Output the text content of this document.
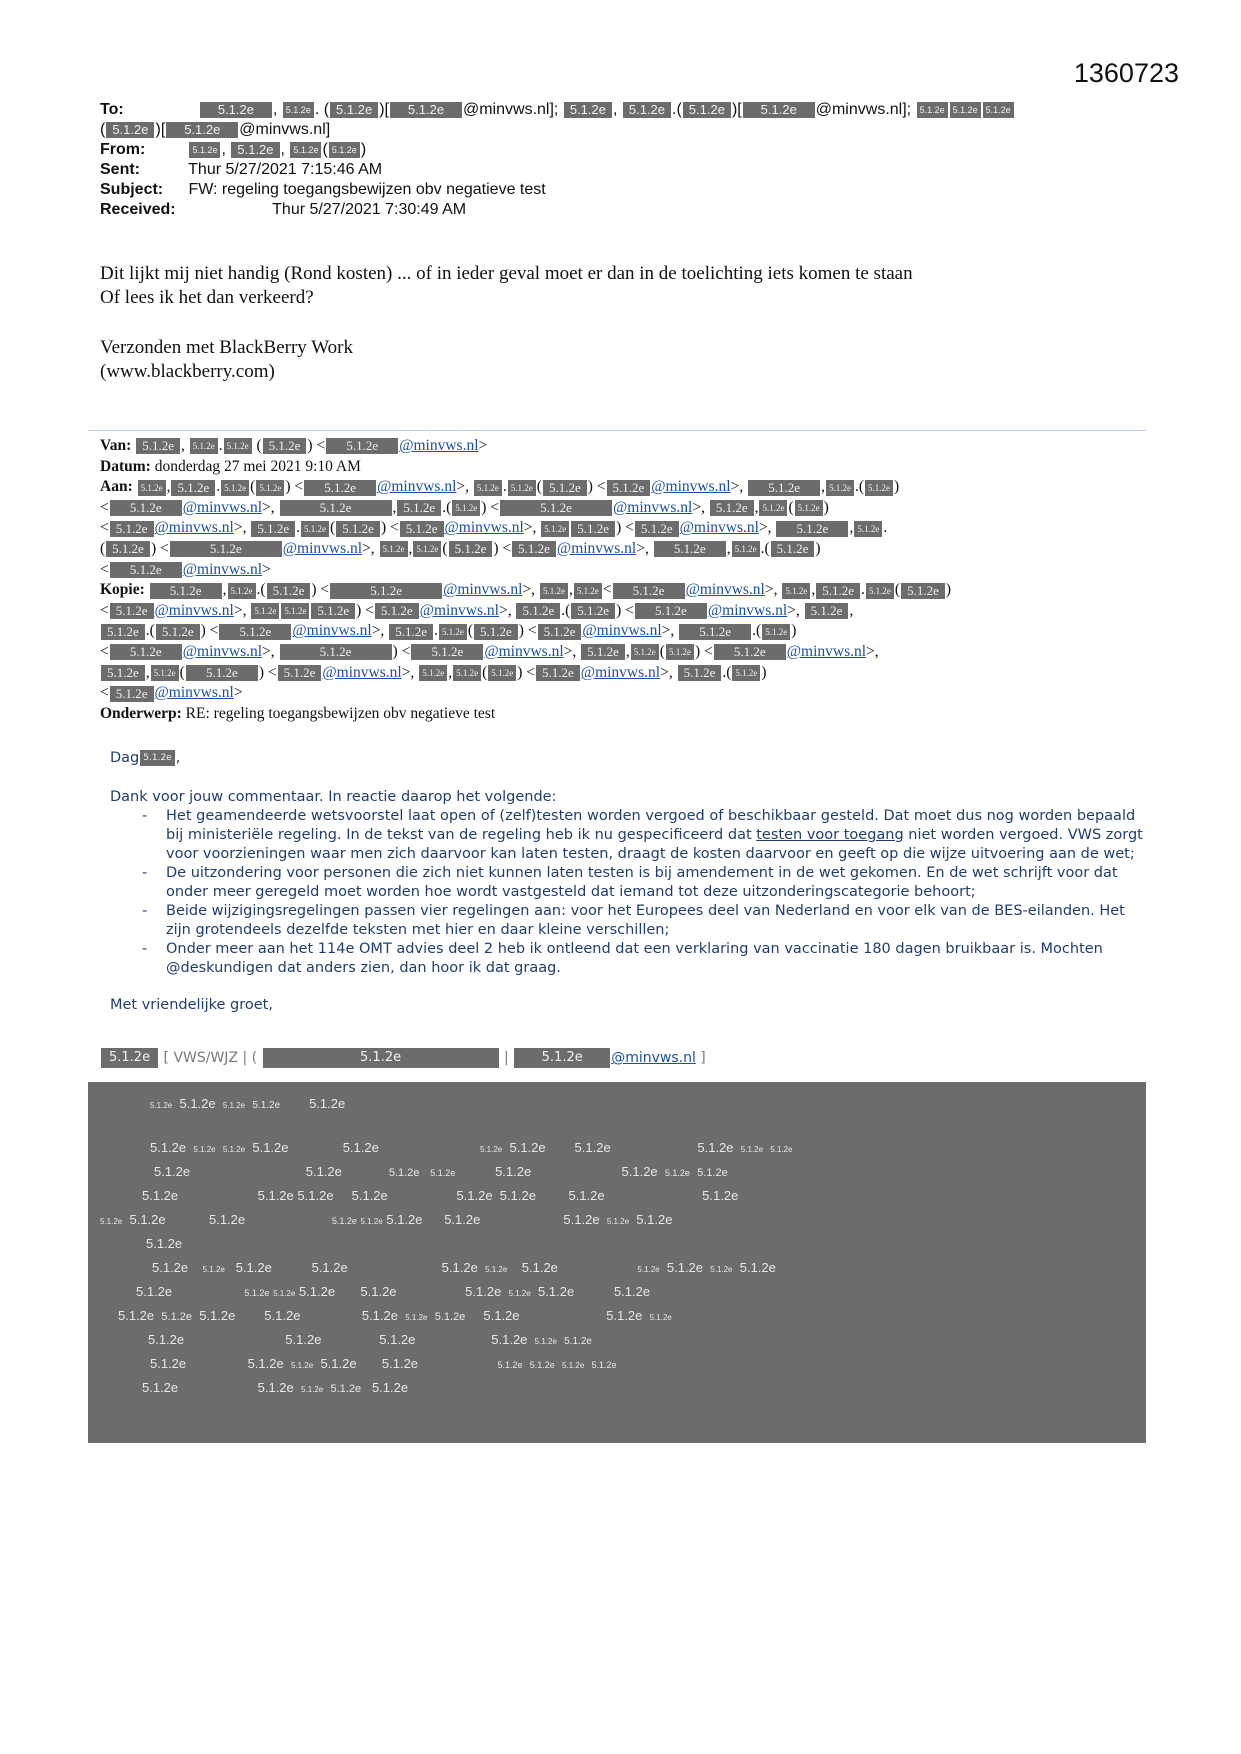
1360723
To:	5.1.2e , 5.1.2e . ( 5.1.2e )[ 5.1.2e @minvws.nl]; 5.1.2e , 5.1.2e .( 5.1.2e )[ 5.1.2e @minvws.nl]; 5.1.2e 5.1.2e 5.1.2e
( 5.1.2e )[ 5.1.2e @minvws.nl]
From:	5.1.2e , 5.1.2e , 5.1.2e ( 5.1.2e )
Sent:	Thur 5/27/2021 7:15:46 AM
Subject: FW: regeling toegangsbewijzen obv negatieve test
Received:	Thur 5/27/2021 7:30:49 AM
Dit lijkt mij niet handig (Rond kosten) ... of in ieder geval moet er dan in de toelichting iets komen te staan
Of lees ik het dan verkeerd?
Verzonden met BlackBerry Work
(www.blackberry.com)
Van: 5.1.2e , 5.1.2e . 5.1.2e ( 5.1.2e ) < 5.1.2e @minvws.nl>
Datum: donderdag 27 mei 2021 9:10 AM
Aan: 5.1.2e , 5.1.2e . 5.1.2e ( 5.1.2e ) < 5.1.2e @minvws.nl>, 5.1.2e . 5.1.2e ( 5.1.2e ) < 5.1.2e @minvws.nl>, 5.1.2e , 5.1.2e .( 5.1.2e )
< 5.1.2e @minvws.nl>,	5.1.2e	, 5.1.2e .( 5.1.2e ) <	5.1.2e	@minvws.nl>, 5.1.2e , 5.1.2e ( 5.1.2e )
< 5.1.2e @minvws.nl>, 5.1.2e . 5.1.2e ( 5.1.2e ) < 5.1.2e @minvws.nl>, 5.1.2e 5.1.2e ) < 5.1.2e @minvws.nl>, 5.1.2e , 5.1.2e .
( 5.1.2e ) <	5.1.2e	@minvws.nl>, 5.1.2e , 5.1.2e ( 5.1.2e ) < 5.1.2e @minvws.nl>, 5.1.2e , 5.1.2e .( 5.1.2e )
< 5.1.2e @minvws.nl>
Kopie: 5.1.2e , 5.1.2e .( 5.1.2e ) <	5.1.2e	@minvws.nl>, 5.1.2e , 5.1.2e < 5.1.2e @minvws.nl>, 5.1.2e , 5.1.2e . 5.1.2e ( 5.1.2e )
< 5.1.2e @minvws.nl>, 5.1.2e 5.1.2e 5.1.2e ) < 5.1.2e @minvws.nl>, 5.1.2e .( 5.1.2e ) < 5.1.2e @minvws.nl>, 5.1.2e ,
5.1.2e .( 5.1.2e ) < 5.1.2e @minvws.nl>, 5.1.2e . 5.1.2e ( 5.1.2e ) < 5.1.2e @minvws.nl>, 5.1.2e .( 5.1.2e )
< 5.1.2e @minvws.nl>,	5.1.2e	) < 5.1.2e @minvws.nl>, 5.1.2e , 5.1.2e ( 5.1.2e ) < 5.1.2e @minvws.nl>,
5.1.2e , 5.1.2e ( 5.1.2e ) < 5.1.2e @minvws.nl>, 5.1.2e , 5.1.2e ( 5.1.2e ) < 5.1.2e @minvws.nl>, 5.1.2e .( 5.1.2e )
< 5.1.2e @minvws.nl>
Onderwerp: RE: regeling toegangsbewijzen obv negatieve test
Dag 5.1.2e ,
Dank voor jouw commentaar. In reactie daarop het volgende:
- Het geamendeerde wetsvoorstel laat open of (zelf)testen worden vergoed of beschikbaar gesteld. Dat moet dus nog worden bepaald bij ministeriële regeling. In de tekst van de regeling heb ik nu gespecificeerd dat testen voor toegang niet worden vergoed. VWS zorgt voor voorzieningen waar men zich daarvoor kan laten testen, draagt de kosten daarvoor en geeft op die wijze uitvoering aan de wet;
- De uitzondering voor personen die zich niet kunnen laten testen is bij amendement in de wet gekomen. En de wet schrijft voor dat onder meer geregeld moet worden hoe wordt vastgesteld dat iemand tot deze uitzonderingscategorie behoort;
- Beide wijzigingsregelingen passen vier regelingen aan: voor het Europees deel van Nederland en voor elk van de BES-eilanden. Het zijn grotendeels dezelfde teksten met hier en daar kleine verschillen;
- Onder meer aan het 114e OMT advies deel 2 heb ik ontleend dat een verklaring van vaccinatie 180 dagen bruikbaar is. Mochten @deskundigen dat anders zien, dan hoor ik dat graag.
Met vriendelijke groet,
5.1.2e [ VWS/WJZ | (	5.1.2e	|	5.1.2e @minvws.nl ]
5.1.2e 5.1.2e 5.1.2e 5.1.2e 5.1.2e
5.1.2e 5.1.2e 5.1.2e 5.1.2e	5.1.2e	5.1.2e 5.1.2e 5.1.2e	5.1.2e 5.1.2e 5.1.2e
5.1.2e	5.1.2e	5.1.2e 5.1.2e	5.1.2e	5.1.2e 5.1.2e 5.1.2e
5.1.2e	5.1.2e 5.1.2e 5.1.2e	5.1.2e 5.1.2e	5.1.2e	5.1.2e
5.1.2e 5.1.2e	5.1.2e	5.1.2e 5.1.2e 5.1.2e 5.1.2e	5.1.2e 5.1.2e 5.1.2e
5.1.2e
5.1.2e 5.1.2e 5.1.2e	5.1.2e	5.1.2e 5.1.2e 5.1.2e	5.1.2e 5.1.2e 5.1.2e 5.1.2e
5.1.2e	5.1.2e 5.1.2e 5.1.2e 5.1.2e	5.1.2e 5.1.2e 5.1.2e	5.1.2e
5.1.2e 5.1.2e 5.1.2e 5.1.2e	5.1.2e 5.1.2e 5.1.2e 5.1.2e	5.1.2e 5.1.2e
5.1.2e	5.1.2e	5.1.2e	5.1.2e 5.1.2e 5.1.2e
5.1.2e	5.1.2e 5.1.2e 5.1.2e 5.1.2e	5.1.2e 5.1.2e 5.1.2e 5.1.2e
5.1.2e	5.1.2e 5.1.2e 5.1.2e 5.1.2e
